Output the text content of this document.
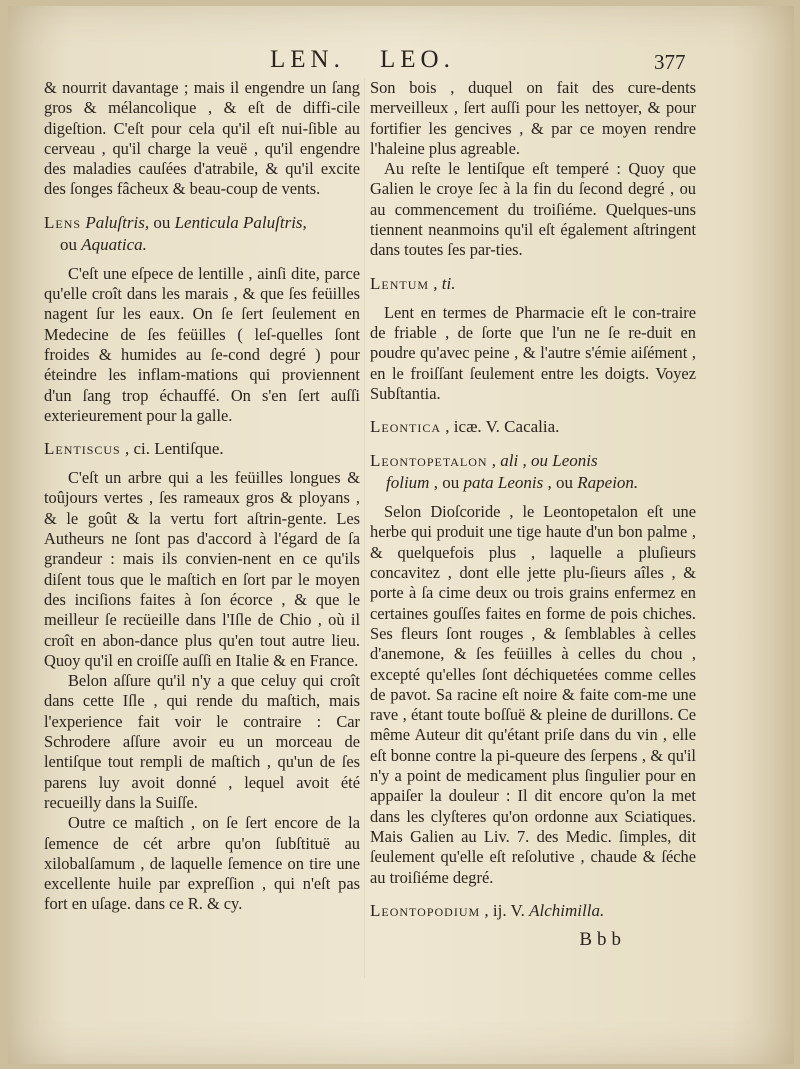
LEN. LEO.	377

& nourrit davantage ; mais il engendre un ſang gros & mélancolique , & eſt de diffi-cile digeſtion. C'eſt pour cela qu'il eſt nui-ſible au cerveau , qu'il charge la veuë , qu'il engendre des maladies cauſées d'atrabile, & qu'il excite des ſonges fâcheux & beau-coup de vents.

Lens Paluſtris, ou Lenticula Paluſtris,
ou Aquatica.

C'eſt une eſpece de lentille , ainſi dite, parce qu'elle croît dans les marais , & que ſes feüilles nagent ſur les eaux. On ſe ſert ſeulement en Medecine de ſes feüilles ( leſ-quelles ſont froides & humides au ſe-cond degré ) pour éteindre les inflam-mations qui proviennent d'un ſang trop échauffé. On s'en ſert auſſi exterieurement pour la galle.

Lentiscus , ci. Lentiſque.

C'eſt un arbre qui a les feüilles longues & toûjours vertes , ſes rameaux gros & ployans , & le goût & la vertu fort aſtrin-gente. Les Autheurs ne ſont pas d'accord à l'égard de ſa grandeur : mais ils convien-nent en ce qu'ils diſent tous que le maſtich en ſort par le moyen des inciſions faites à ſon écorce , & que le meilleur ſe recüeille dans l'Iſle de Chio , où il croît en abon-dance plus qu'en tout autre lieu. Quoy qu'il en croiſſe auſſi en Italie & en France.

Belon aſſure qu'il n'y a que celuy qui croît dans cette Iſle , qui rende du maſtich, mais l'experience fait voir le contraire : Car Schrodere aſſure avoir eu un morceau de lentiſque tout rempli de maſtich , qu'un de ſes parens luy avoit donné , lequel avoit été recueilly dans la Suiſſe.

Outre ce maſtich , on ſe ſert encore de la ſemence de cét arbre qu'on ſubſtituë au xilobalſamum , de laquelle ſemence on tire une excellente huile par expreſſion , qui n'eſt pas fort en uſage. dans ce R. & cy.

Son bois , duquel on fait des cure-dents merveilleux , ſert auſſi pour les nettoyer, & pour fortifier les gencives , & par ce moyen rendre l'haleine plus agreable.

Au reſte le lentiſque eſt temperé : Quoy que Galien le croye ſec à la fin du ſecond degré , ou au commencement du troiſiéme. Quelques-uns tiennent neanmoins qu'il eſt également aſtringent dans toutes ſes par-ties.

Lentum , ti.

Lent en termes de Pharmacie eſt le con-traire de friable , de ſorte que l'un ne ſe re-duit en poudre qu'avec peine , & l'autre s'émie aiſément , en le froiſſant ſeulement entre les doigts. Voyez Subſtantia.

Leontica , icæ. V. Cacalia.
Leontopetalon , ali , ou Leonis
folium , ou pata Leonis , ou Rapeion.

Selon Dioſcoride , le Leontopetalon eſt une herbe qui produit une tige haute d'un bon palme , & quelquefois plus , laquelle a pluſieurs concavitez , dont elle jette plu-ſieurs aîles , & porte à ſa cime deux ou trois grains enfermez en certaines gouſſes faites en forme de pois chiches. Ses fleurs ſont rouges , & ſemblables à celles d'anemone, & ſes feüilles à celles du chou , excepté qu'elles ſont déchiquetées comme celles de pavot. Sa racine eſt noire & faite com-me une rave , étant toute boſſuë & pleine de durillons. Ce même Auteur dit qu'étant priſe dans du vin , elle eſt bonne contre la pi-queure des ſerpens , & qu'il n'y a point de medicament plus ſingulier pour en appaiſer la douleur : Il dit encore qu'on la met dans les clyſteres qu'on ordonne aux Sciatiques. Mais Galien au Liv. 7. des Medic. ſimples, dit ſeulement qu'elle eſt reſolutive , chaude & ſéche au troiſiéme degré.

Leontopodium , ij. V. Alchimilla.
Bbb
